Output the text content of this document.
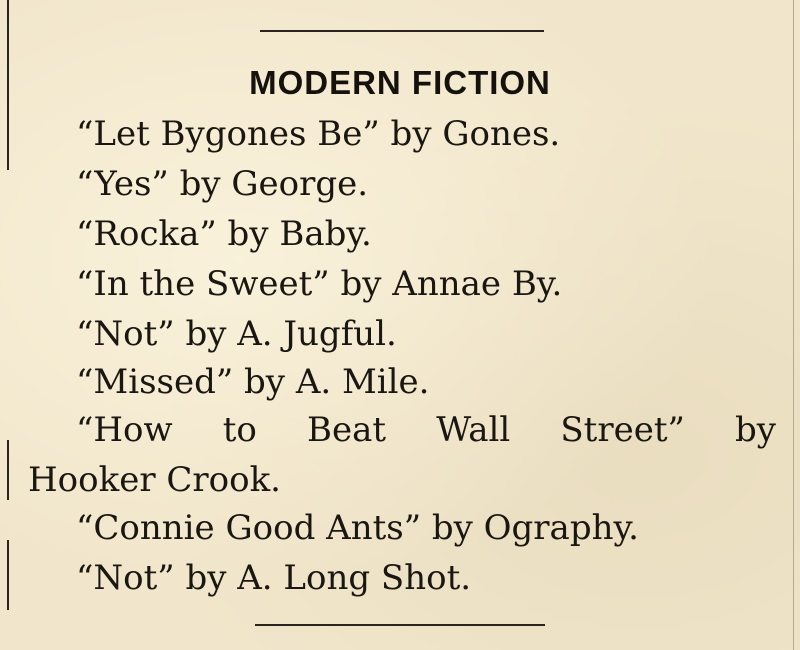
MODERN FICTION
“Let Bygones Be” by Gones.
“Yes” by George.
“Rocka” by Baby.
“In the Sweet” by Annae By.
“Not” by A. Jugful.
“Missed” by A. Mile.
“How to Beat Wall Street” by
Hooker Crook.
“Connie Good Ants” by Ography.
“Not” by A. Long Shot.
